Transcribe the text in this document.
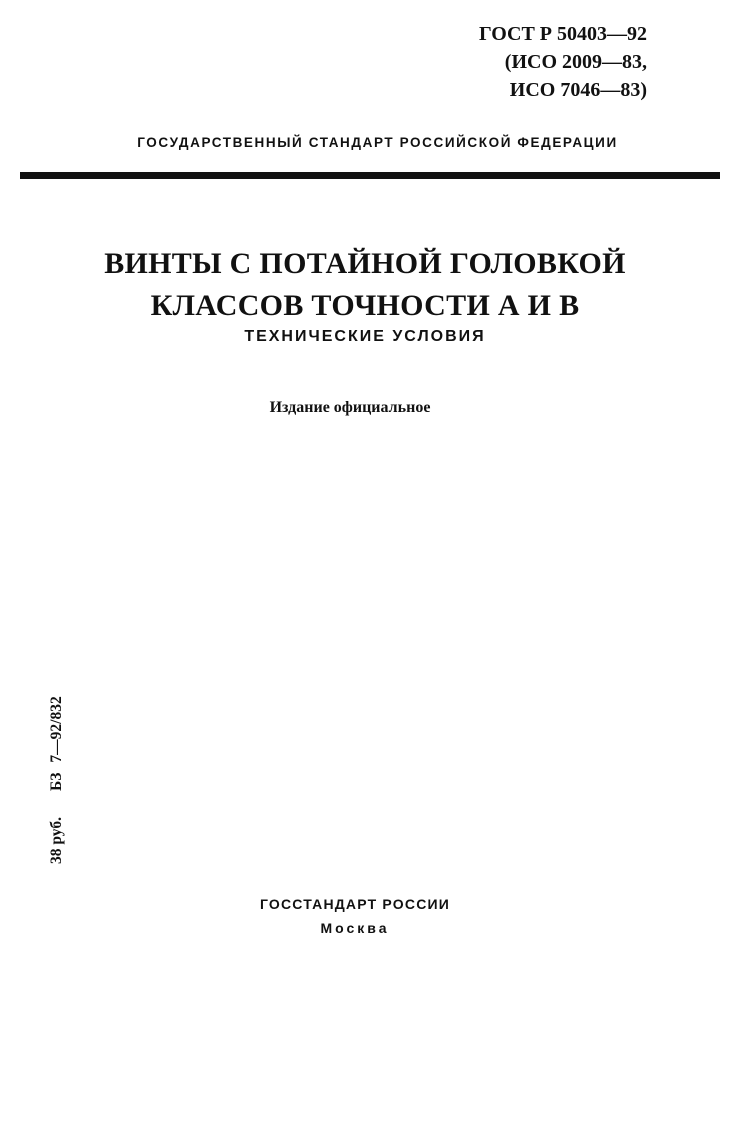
ГОСТ Р 50403—92
(ИСО 2009—83,
ИСО 7046—83)
ГОСУДАРСТВЕННЫЙ СТАНДАРТ РОССИЙСКОЙ ФЕДЕРАЦИИ
ВИНТЫ С ПОТАЙНОЙ ГОЛОВКОЙ
КЛАССОВ ТОЧНОСТИ А И В
ТЕХНИЧЕСКИЕ УСЛОВИЯ
Издание официальное
38 руб.БЗ7—92/832
ГОССТАНДАРТ РОССИИ
Москва
